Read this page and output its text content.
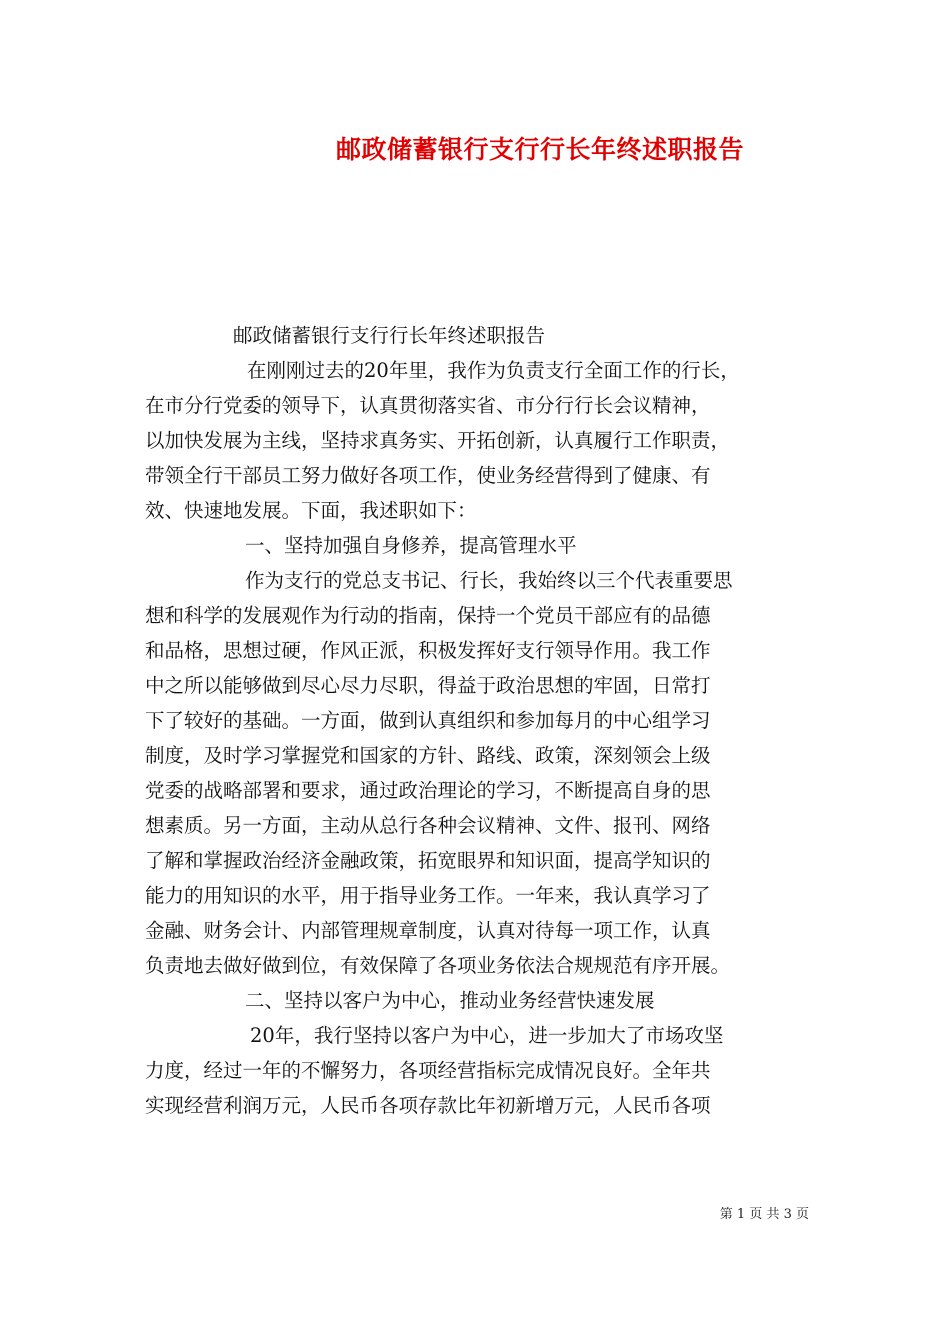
邮政储蓄银行支行行长年终述职报告
邮政储蓄银行支行行长年终述职报告
在刚刚过去的20年里，我作为负责支行全面工作的行长，
在市分行党委的领导下，认真贯彻落实省、市分行行长会议精神，
以加快发展为主线，坚持求真务实、开拓创新，认真履行工作职责，
带领全行干部员工努力做好各项工作，使业务经营得到了健康、有
效、快速地发展。下面，我述职如下：
一、坚持加强自身修养，提高管理水平
作为支行的党总支书记、行长，我始终以三个代表重要思
想和科学的发展观作为行动的指南，保持一个党员干部应有的品德
和品格，思想过硬，作风正派，积极发挥好支行领导作用。我工作
中之所以能够做到尽心尽力尽职，得益于政治思想的牢固，日常打
下了较好的基础。一方面，做到认真组织和参加每月的中心组学习
制度，及时学习掌握党和国家的方针、路线、政策，深刻领会上级
党委的战略部署和要求，通过政治理论的学习，不断提高自身的思
想素质。另一方面，主动从总行各种会议精神、文件、报刊、网络
了解和掌握政治经济金融政策，拓宽眼界和知识面，提高学知识的
能力的用知识的水平，用于指导业务工作。一年来，我认真学习了
金融、财务会计、内部管理规章制度，认真对待每一项工作，认真
负责地去做好做到位，有效保障了各项业务依法合规规范有序开展。
二、坚持以客户为中心，推动业务经营快速发展
20年，我行坚持以客户为中心，进一步加大了市场攻坚
力度，经过一年的不懈努力，各项经营指标完成情况良好。全年共
实现经营利润万元，人民币各项存款比年初新增万元，人民币各项
第 1 页 共 3 页
